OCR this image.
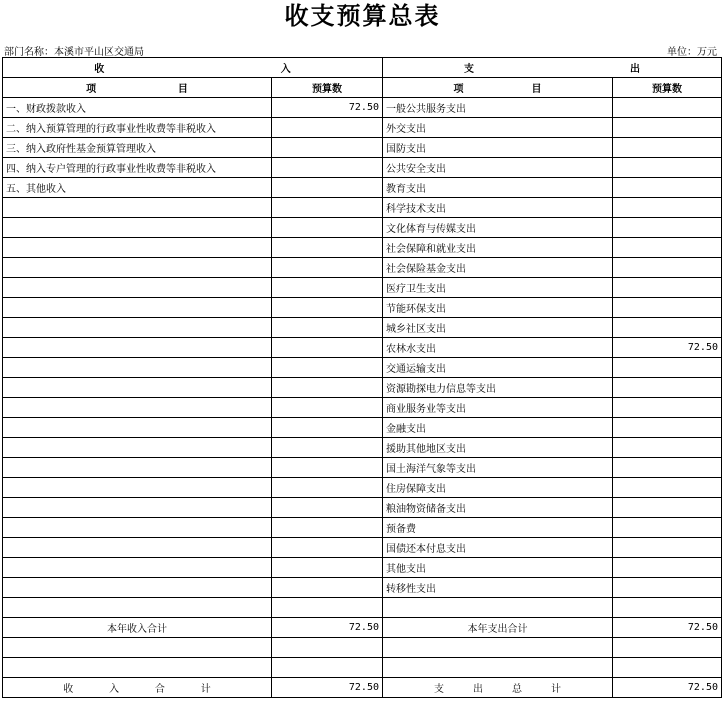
收支预算总表
部门名称：本溪市平山区交通局	单位：万元
收 入		支 出	

项 目	预算数	项 目	预算数
一、财政拨款收入	72.50	一般公共服务支出	
二、纳入预算管理的行政事业性收费等非税收入		外交支出	
三、纳入政府性基金预算管理收入		国防支出	
四、纳入专户管理的行政事业性收费等非税收入		公共安全支出	
五、其他收入		教育支出	
		科学技术支出	
		文化体育与传媒支出	
		社会保障和就业支出	
		社会保险基金支出	
		医疗卫生支出	
		节能环保支出	
		城乡社区支出	
		农林水支出	72.50
		交通运输支出	
		资源勘探电力信息等支出	
		商业服务业等支出	
		金融支出	
		援助其他地区支出	
		国土海洋气象等支出	
		住房保障支出	
		粮油物资储备支出	
		预备费	
		国债还本付息支出	
		其他支出	
		转移性支出	

本年收入合计	72.50	本年支出合计	72.50

收 入 合 计	72.50	支 出 总 计	72.50
